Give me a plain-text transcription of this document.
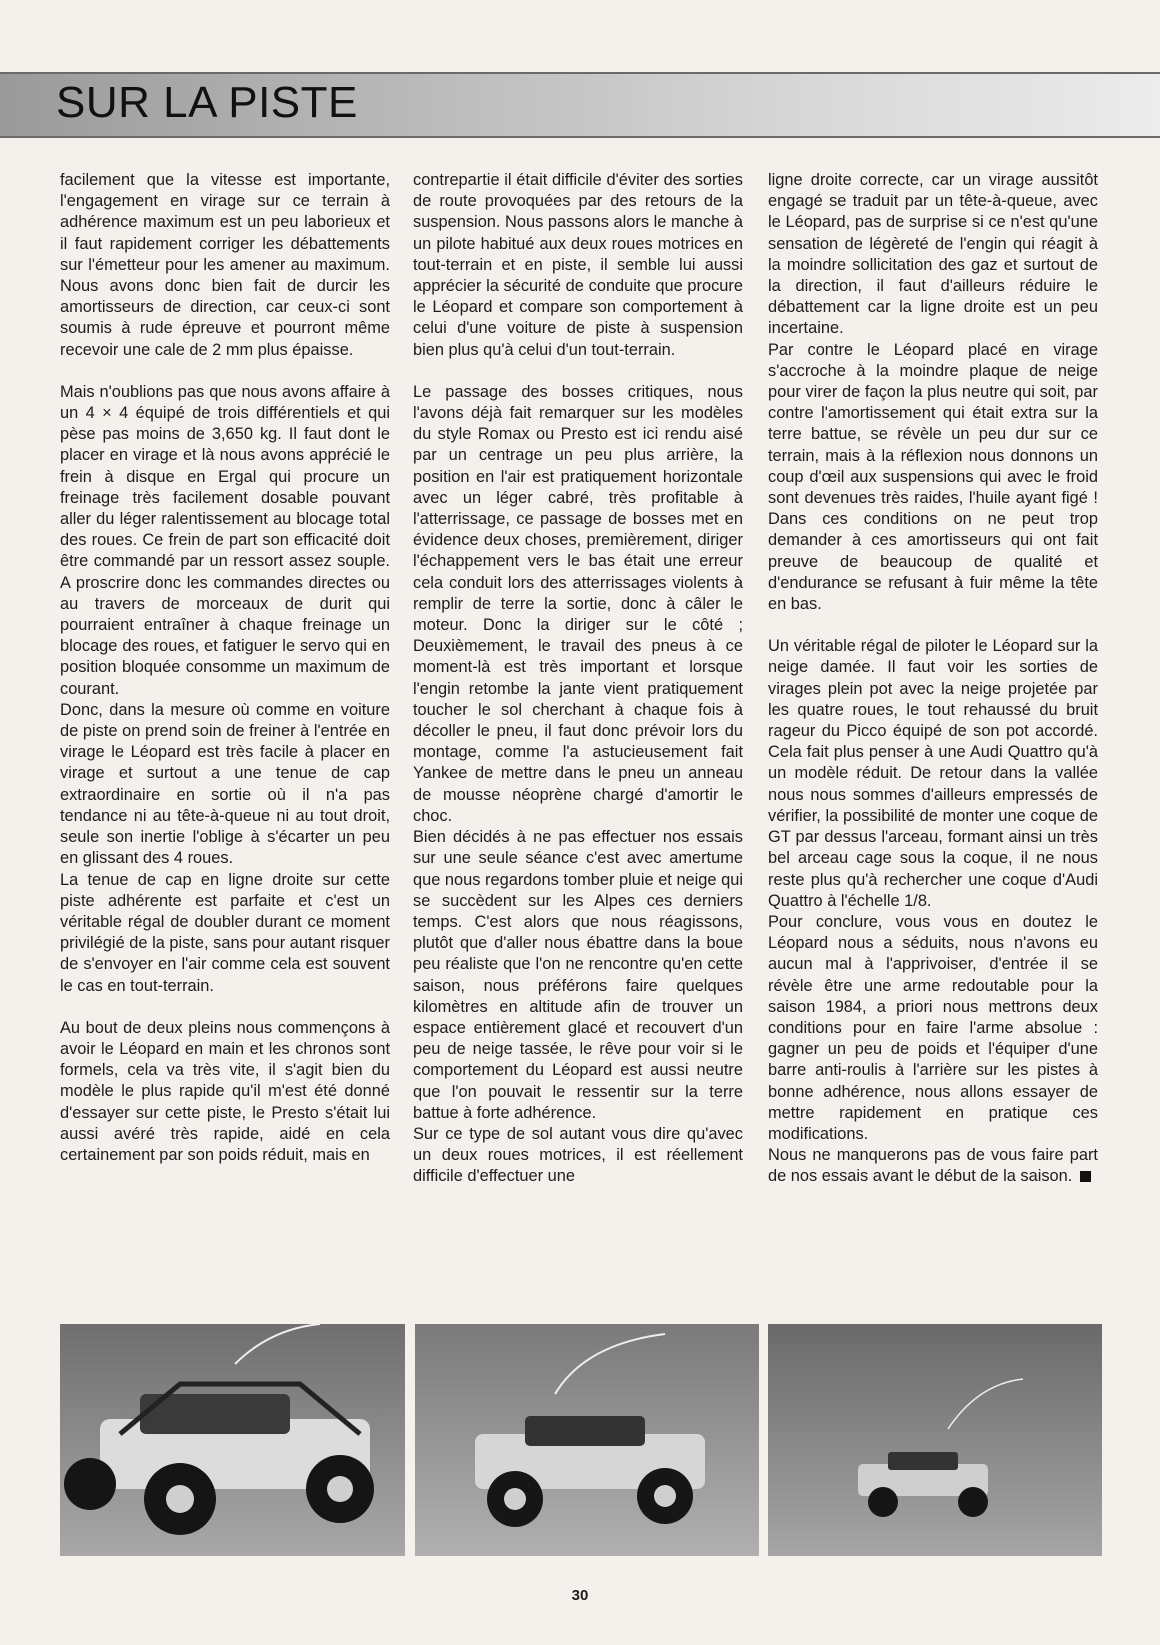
SUR LA PISTE

facilement que la vitesse est importante, l'engagement en virage sur ce terrain à adhérence maximum est un peu laborieux et il faut rapidement corriger les débattements sur l'émetteur pour les amener au maximum. Nous avons donc bien fait de durcir les amortisseurs de direction, car ceux-ci sont soumis à rude épreuve et pourront même recevoir une cale de 2 mm plus épaisse.

Mais n'oublions pas que nous avons affaire à un 4 × 4 équipé de trois différentiels et qui pèse pas moins de 3,650 kg. Il faut dont le placer en virage et là nous avons apprécié le frein à disque en Ergal qui procure un freinage très facilement dosable pouvant aller du léger ralentissement au blocage total des roues. Ce frein de part son efficacité doit être commandé par un ressort assez souple. A proscrire donc les commandes directes ou au travers de morceaux de durit qui pourraient entraîner à chaque freinage un blocage des roues, et fatiguer le servo qui en position bloquée consomme un maximum de courant.

Donc, dans la mesure où comme en voiture de piste on prend soin de freiner à l'entrée en virage le Léopard est très facile à placer en virage et surtout a une tenue de cap extraordinaire en sortie où il n'a pas tendance ni au tête-à-queue ni au tout droit, seule son inertie l'oblige à s'écarter un peu en glissant des 4 roues.

La tenue de cap en ligne droite sur cette piste adhérente est parfaite et c'est un véritable régal de doubler durant ce moment privilégié de la piste, sans pour autant risquer de s'envoyer en l'air comme cela est souvent le cas en tout-terrain.

Au bout de deux pleins nous commençons à avoir le Léopard en main et les chronos sont formels, cela va très vite, il s'agit bien du modèle le plus rapide qu'il m'est été donné d'essayer sur cette piste, le Presto s'était lui aussi avéré très rapide, aidé en cela certainement par son poids réduit, mais en

contrepartie il était difficile d'éviter des sorties de route provoquées par des retours de la suspension. Nous passons alors le manche à un pilote habitué aux deux roues motrices en tout-terrain et en piste, il semble lui aussi apprécier la sécurité de conduite que procure le Léopard et compare son comportement à celui d'une voiture de piste à suspension bien plus qu'à celui d'un tout-terrain.

Le passage des bosses critiques, nous l'avons déjà fait remarquer sur les modèles du style Romax ou Presto est ici rendu aisé par un centrage un peu plus arrière, la position en l'air est pratiquement horizontale avec un léger cabré, très profitable à l'atterrissage, ce passage de bosses met en évidence deux choses, premièrement, diriger l'échappement vers le bas était une erreur cela conduit lors des atterrissages violents à remplir de terre la sortie, donc à câler le moteur. Donc la diriger sur le côté ; Deuxièmement, le travail des pneus à ce moment-là est très important et lorsque l'engin retombe la jante vient pratiquement toucher le sol cherchant à chaque fois à décoller le pneu, il faut donc prévoir lors du montage, comme l'a astucieusement fait Yankee de mettre dans le pneu un anneau de mousse néoprène chargé d'amortir le choc.

Bien décidés à ne pas effectuer nos essais sur une seule séance c'est avec amertume que nous regardons tomber pluie et neige qui se succèdent sur les Alpes ces derniers temps. C'est alors que nous réagissons, plutôt que d'aller nous ébattre dans la boue peu réaliste que l'on ne rencontre qu'en cette saison, nous préférons faire quelques kilomètres en altitude afin de trouver un espace entièrement glacé et recouvert d'un peu de neige tassée, le rêve pour voir si le comportement du Léopard est aussi neutre que l'on pouvait le ressentir sur la terre battue à forte adhérence.

Sur ce type de sol autant vous dire qu'avec un deux roues motrices, il est réellement difficile d'effectuer une

ligne droite correcte, car un virage aussitôt engagé se traduit par un tête-à-queue, avec le Léopard, pas de surprise si ce n'est qu'une sensation de légèreté de l'engin qui réagit à la moindre sollicitation des gaz et surtout de la direction, il faut d'ailleurs réduire le débattement car la ligne droite est un peu incertaine.

Par contre le Léopard placé en virage s'accroche à la moindre plaque de neige pour virer de façon la plus neutre qui soit, par contre l'amortissement qui était extra sur la terre battue, se révèle un peu dur sur ce terrain, mais à la réflexion nous donnons un coup d'œil aux suspensions qui avec le froid sont devenues très raides, l'huile ayant figé ! Dans ces conditions on ne peut trop demander à ces amortisseurs qui ont fait preuve de beaucoup de qualité et d'endurance se refusant à fuir même la tête en bas.

Un véritable régal de piloter le Léopard sur la neige damée. Il faut voir les sorties de virages plein pot avec la neige projetée par les quatre roues, le tout rehaussé du bruit rageur du Picco équipé de son pot accordé. Cela fait plus penser à une Audi Quattro qu'à un modèle réduit. De retour dans la vallée nous nous sommes d'ailleurs empressés de vérifier, la possibilité de monter une coque de GT par dessus l'arceau, formant ainsi un très bel arceau cage sous la coque, il ne nous reste plus qu'à rechercher une coque d'Audi Quattro à l'échelle 1/8.

Pour conclure, vous vous en doutez le Léopard nous a séduits, nous n'avons eu aucun mal à l'apprivoiser, d'entrée il se révèle être une arme redoutable pour la saison 1984, a priori nous mettrons deux conditions pour en faire l'arme absolue : gagner un peu de poids et l'équiper d'une barre anti-roulis à l'arrière sur les pistes à bonne adhérence, nous allons essayer de mettre rapidement en pratique ces modifications.

Nous ne manquerons pas de vous faire part de nos essais avant le début de la saison.

30
